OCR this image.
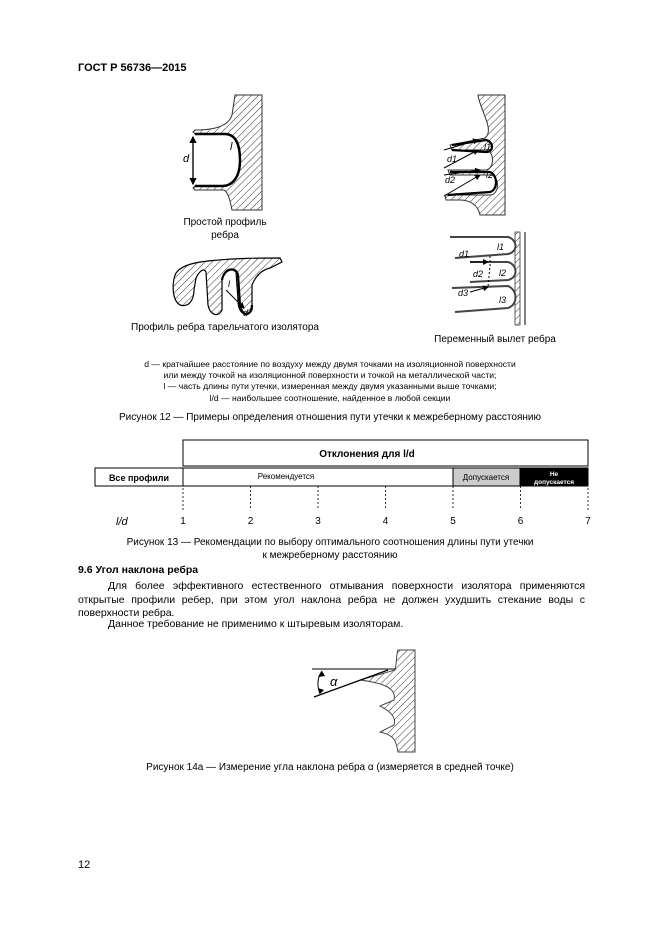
ГОСТ Р 56736—2015
d
l
l
d
d1
d2
l1
l2
d1
d2
d3
l1
l2
l3
Простой профиль
ребра
Профиль ребра тарельчатого изолятора
Переменный вылет ребра
d — кратчайшее расстояние по воздуху между двумя точками на изоляционной поверхности
или между точкой на изоляционной поверхности и точкой на металлической части;
l — часть длины пути утечки, измеренная между двумя указанными выше точками;
l/d — наибольшее соотношение, найденное в любой секции
Рисунок 12 — Примеры определения отношения пути утечки к межреберному расстоянию
Отклонения для l/d
Все профили	Рекомендуется	Допускается	Не
допускается
l/d	1	2	3	4	5	6	7
Рисунок 13 — Рекомендации по выбору оптимального соотношения длины пути утечки
к межреберному расстоянию
9.6 Угол наклона ребра
Для более эффективного естественного отмывания поверхности изолятора применяются открытые профили ребер, при этом угол наклона ребра не должен ухудшить стекание воды с поверхности ребра.
Данное требование не применимо к штыревым изоляторам.
α
Рисунок 14а — Измерение угла наклона ребра α (измеряется в средней точке)
12
